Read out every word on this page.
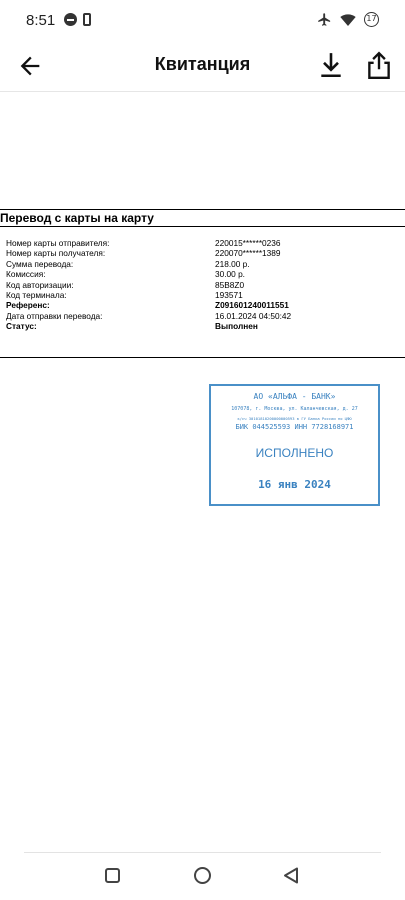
8:51	17
Квитанция
Перевод с карты на карту
Номер карты отправителя:	220015******0236
Номер карты получателя:	220070******1389
Сумма перевода:	218.00 р.
Комиссия:	30.00 р.
Код авторизации:	85B8Z0
Код терминала:	193571
Референс:	Z091601240011551
Дата отправки перевода:	16.01.2024 04:50:42
Статус:	Выполнен
АО «АЛЬФА - БАНК»
107078, г. Москва, ул. Каланчевская, д. 27
к/сч 30101810200000000593 в ГУ Банка России по ЦФО
БИК 044525593 ИНН 7728168971
ИСПОЛНЕНО
16 янв 2024
